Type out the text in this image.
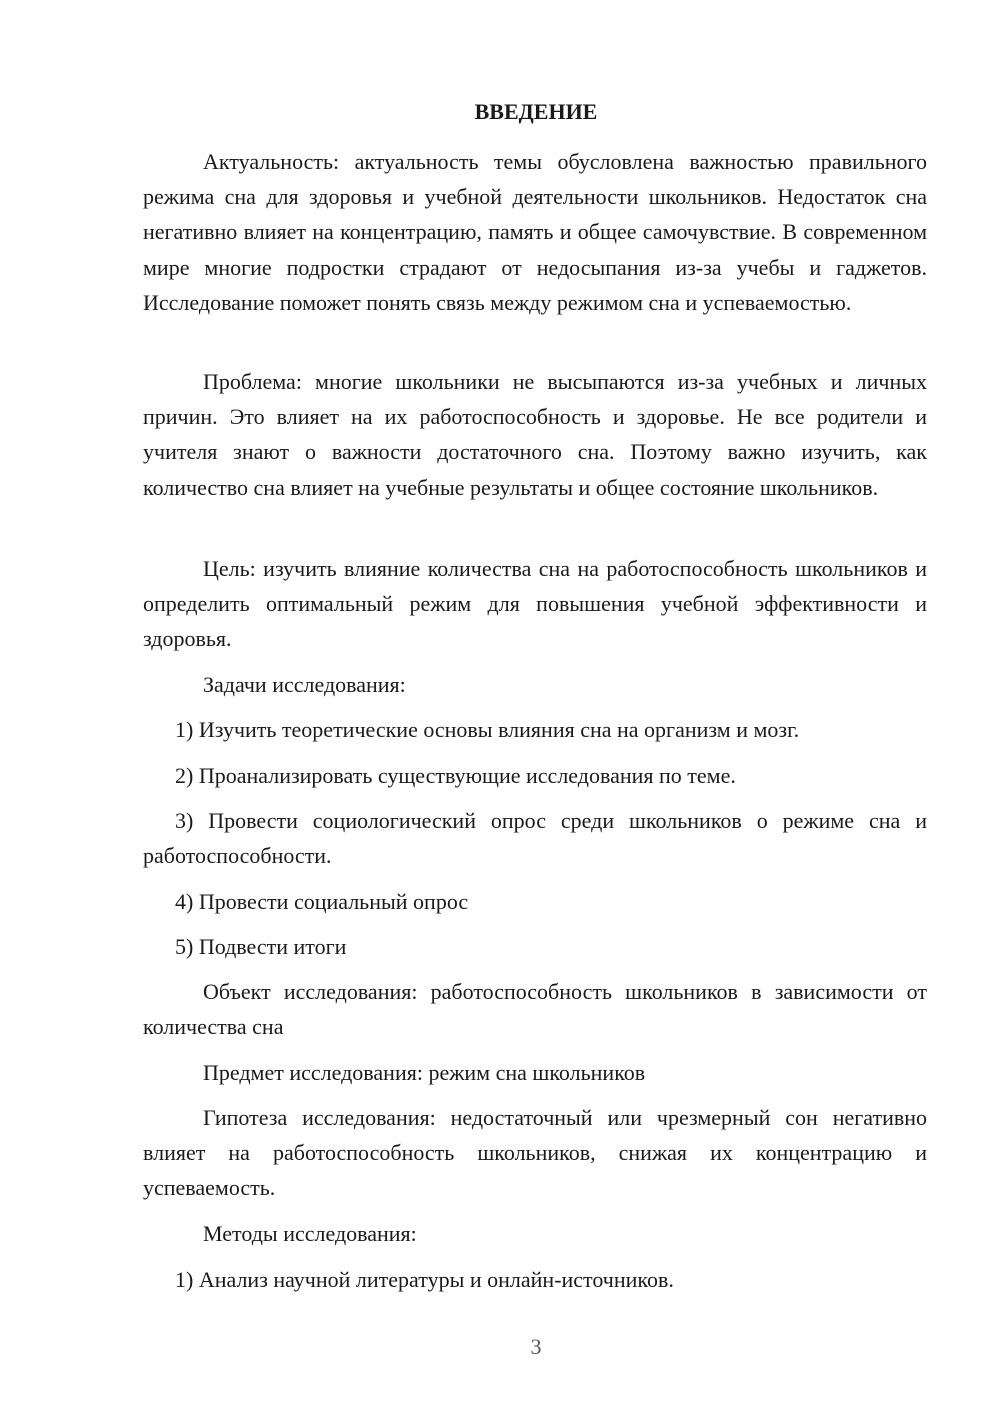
ВВЕДЕНИЕ
Актуальность: актуальность темы обусловлена важностью правильного режима сна для здоровья и учебной деятельности школьников. Недостаток сна негативно влияет на концентрацию, память и общее самочувствие. В современном мире многие подростки страдают от недосыпания из-за учебы и гаджетов. Исследование поможет понять связь между режимом сна и успеваемостью.
Проблема: многие школьники не высыпаются из-за учебных и личных причин. Это влияет на их работоспособность и здоровье. Не все родители и учителя знают о важности достаточного сна. Поэтому важно изучить, как количество сна влияет на учебные результаты и общее состояние школьников.
Цель: изучить влияние количества сна на работоспособность школьников и определить оптимальный режим для повышения учебной эффективности и здоровья.
Задачи исследования:
1) Изучить теоретические основы влияния сна на организм и мозг.
2) Проанализировать существующие исследования по теме.
3) Провести социологический опрос среди школьников о режиме сна и работоспособности.
4) Провести социальный опрос
5) Подвести итоги
Объект исследования: работоспособность школьников в зависимости от количества сна
Предмет исследования: режим сна школьников
Гипотеза исследования: недостаточный или чрезмерный сон негативно влияет на работоспособность школьников, снижая их концентрацию и успеваемость.
Методы исследования:
1) Анализ научной литературы и онлайн-источников.
3
